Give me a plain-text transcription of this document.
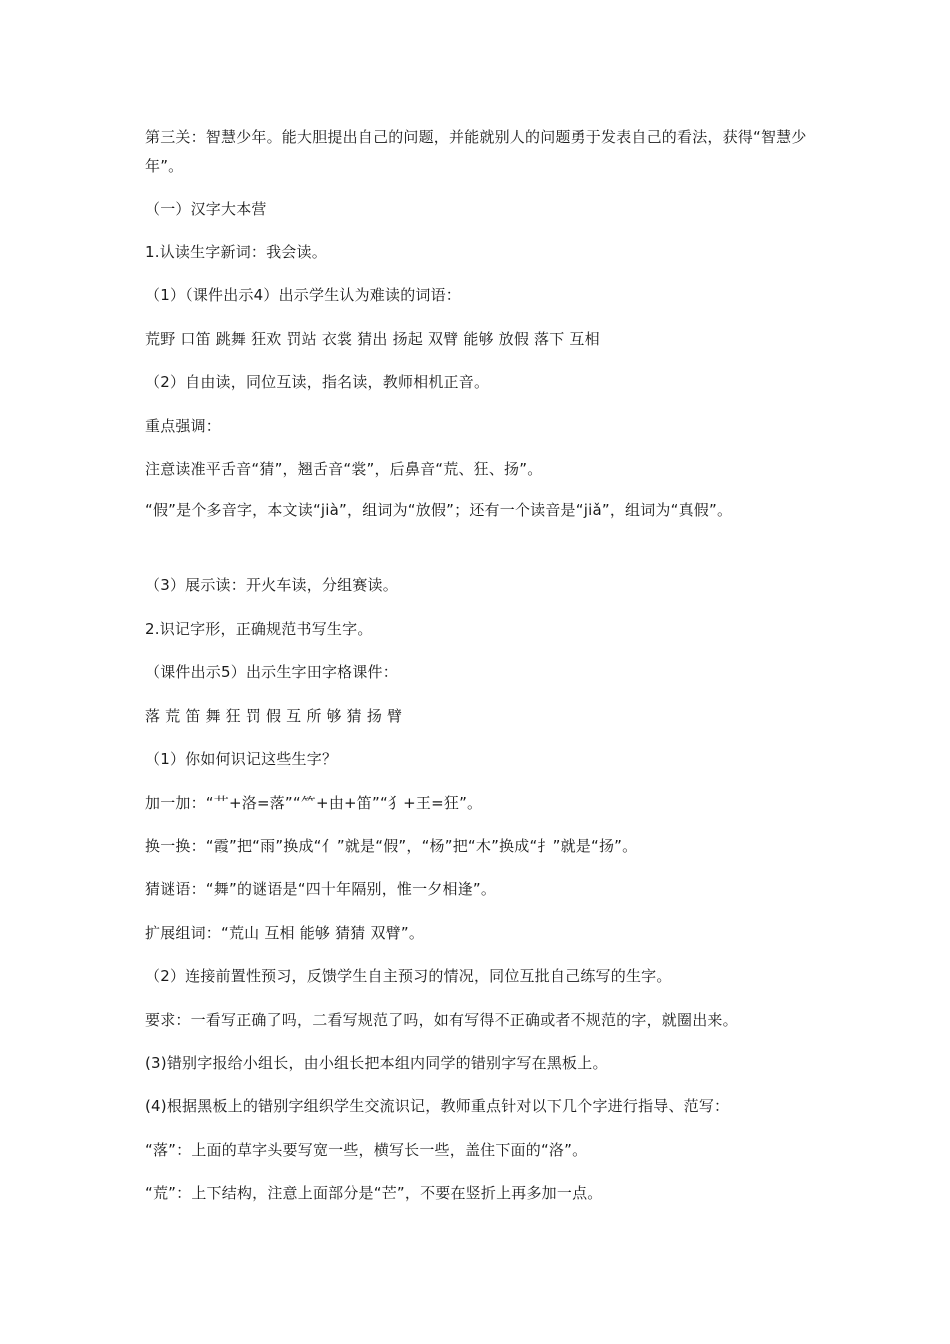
第三关：智慧少年。能大胆提出自己的问题，并能就别人的问题勇于发表自己的看法，获得“智慧少年”。
（一）汉字大本营
1.认读生字新词：我会读。
（1）（课件出示4）出示学生认为难读的词语：
荒野 口笛 跳舞 狂欢 罚站 衣裳 猜出 扬起 双臂 能够 放假 落下 互相
（2）自由读，同位互读，指名读，教师相机正音。
重点强调：
注意读准平舌音“猜”，翘舌音“裳”，后鼻音“荒、狂、扬”。
“假”是个多音字，本文读“jià”，组词为“放假”；还有一个读音是“jiǎ”，组词为“真假”。
（3）展示读：开火车读，分组赛读。
2.识记字形，正确规范书写生字。
（课件出示5）出示生字田字格课件：
落 荒 笛 舞 狂 罚 假 互 所 够 猜 扬 臂
（1）你如何识记这些生字？
加一加：“艹+洛=落”“⺮+由+笛”“犭+王=狂”。
换一换：“霞”把“雨”换成“亻”就是“假”，“杨”把“木”换成“扌”就是“扬”。
猜谜语：“舞”的谜语是“四十年隔别，惟一夕相逢”。
扩展组词：“荒山 互相 能够 猜猜 双臂”。
（2）连接前置性预习，反馈学生自主预习的情况，同位互批自己练写的生字。
要求：一看写正确了吗，二看写规范了吗，如有写得不正确或者不规范的字，就圈出来。
(3)错别字报给小组长，由小组长把本组内同学的错别字写在黑板上。
(4)根据黑板上的错别字组织学生交流识记，教师重点针对以下几个字进行指导、范写：
“落”：上面的草字头要写宽一些，横写长一些，盖住下面的“洛”。
“荒”：上下结构，注意上面部分是“芒”，不要在竖折上再多加一点。
